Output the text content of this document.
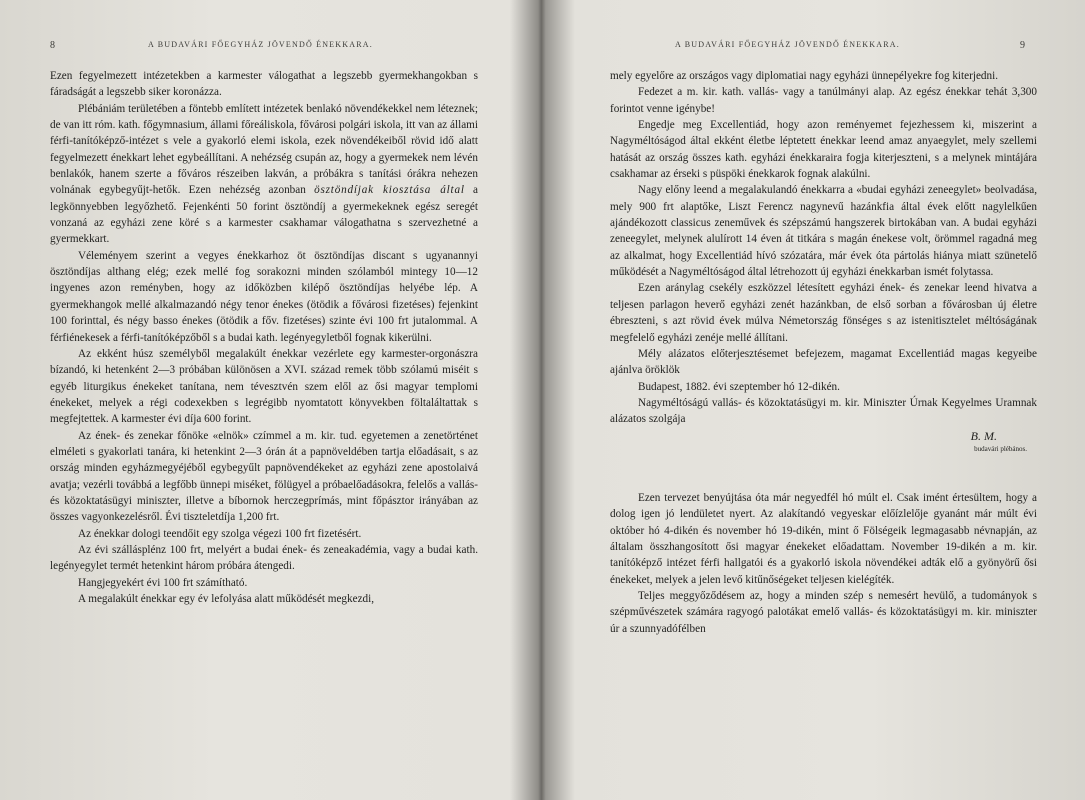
8	A BUDAVÁRI FŐEGYHÁZ JÖVENDŐ ÉNEKKARA.

Ezen fegyelmezett intézetekben a karmester válogathat a legszebb gyermekhangokban s fáradságát a legszebb siker koronázza.

Plébániám területében a föntebb említett intézetek benlakó növendékekkel nem léteznek; de van itt róm. kath. főgymnasium, állami főreáliskola, fővárosi polgári iskola, itt van az állami férfi-tanítóképző-intézet s vele a gyakorló elemi iskola, ezek növendékeiből rövid idő alatt fegyelmezett énekkart lehet egybeállítani. A nehézség csupán az, hogy a gyermekek nem lévén benlakók, hanem szerte a főváros részeiben lakván, a próbákra s tanítási órákra nehezen volnának egybegyűjt-hetők. Ezen nehézség azonban ösztöndíjak kiosztása által a legkönnyebben legyőzhető. Fejenkénti 50 forint ösztöndíj a gyermekeknek egész seregét vonzaná az egyházi zene köré s a karmester csakhamar válogathatna s szervezhetné a gyermekkart.

Véleményem szerint a vegyes énekkarhoz öt ösztöndíjas discant s ugyanannyi ösztöndíjas althang elég; ezek mellé fog sorakozni minden szólamból mintegy 10—12 ingyenes azon reményben, hogy az időközben kilépő ösztöndíjas helyébe lép. A gyermekhangok mellé alkalmazandó négy tenor énekes (ötödik a fővárosi fizetéses) fejenkint 100 forinttal, és négy basso énekes (ötödik a főv. fizetéses) szinte évi 100 frt jutalommal. A férfiénekesek a férfi-tanítóképzőből s a budai kath. legényegyletből fognak kikerülni.

Az ekként húsz személyből megalakúlt énekkar vezérlete egy karmester-orgonászra bízandó, ki hetenként 2—3 próbában különösen a XVI. század remek több szólamú miséit s egyéb liturgikus énekeket tanítana, nem tévesztvén szem elől az ősi magyar templomi énekeket, melyek a régi codexekben s legrégibb nyomtatott könyvekben föltaláltattak s megfejtettek. A karmester évi díja 600 forint.

Az ének- és zenekar főnöke «elnök» czímmel a m. kir. tud. egyetemen a zenetörténet elméleti s gyakorlati tanára, ki hetenkint 2—3 órán át a papnöveldében tartja előadásait, s az ország minden egyházmegyéjéből egybegyűlt papnövendékeket az egyházi zene apostolaivá avatja; vezérli továbbá a legfőbb ünnepi miséket, fölügyel a próbaelőadásokra, felelős a vallás- és közoktatásügyi miniszter, illetve a bíbornok herczegprímás, mint főpásztor irányában az összes vagyonkezelésről. Évi tiszteletdíja 1,200 frt.

Az énekkar dologi teendőit egy szolga végezi 100 frt fizetésért.

Az évi szállásplénz 100 frt, melyért a budai ének- és zeneakadémia, vagy a budai kath. legényegylet termét hetenkint három próbára átengedi.

Hangjegyekért évi 100 frt számítható.

A megalakúlt énekkar egy év lefolyása alatt működését megkezdi,

A BUDAVÁRI FŐEGYHÁZ JÖVENDŐ ÉNEKKARA.	9

mely egyelőre az országos vagy diplomatiai nagy egyházi ünnepélyekre fog kiterjedni.

Fedezet a m. kir. kath. vallás- vagy a tanúlmányi alap. Az egész énekkar tehát 3,300 forintot venne igénybe!

Engedje meg Excellentiád, hogy azon reményemet fejezhessem ki, miszerint a Nagyméltóságod által ekként életbe léptetett énekkar leend amaz anyaegylet, mely szellemi hatását az ország összes kath. egyházi énekkaraira fogja kiterjeszteni, s a melynek mintájára csakhamar az érseki s püspöki énekkarok fognak alakúlni.

Nagy előny leend a megalakulandó énekkarra a «budai egyházi zeneegylet» beolvadása, mely 900 frt alaptőke, Liszt Ferencz nagynevű hazánkfia által évek előtt nagylelkűen ajándékozott classicus zeneművek és szépszámú hangszerek birtokában van. A budai egyházi zeneegylet, melynek alulírott 14 éven át titkára s magán énekese volt, örömmel ragadná meg az alkalmat, hogy Excellentiád hívó szózatára, már évek óta pártolás hiánya miatt szünetelő működését a Nagyméltóságod által létrehozott új egyházi énekkarban ismét folytassa.

Ezen aránylag csekély eszközzel létesített egyházi ének- és zenekar leend hivatva a teljesen parlagon heverő egyházi zenét hazánkban, de első sorban a fővárosban új életre ébreszteni, s azt rövid évek múlva Németország fönséges s az istenitisztelet méltóságának megfelelő egyházi zenéje mellé állítani.

Mély alázatos előterjesztésemet befejezem, magamat Excellentiád magas kegyeibe ajánlva öröklök

Budapest, 1882. évi szeptember hó 12-dikén.

Nagyméltóságú vallás- és közoktatásügyi m. kir. Miniszter Úrnak Kegyelmes Uramnak alázatos szolgája

B. M.

budavári plébános.

Ezen tervezet benyújtása óta már negyedfél hó múlt el. Csak imént értesültem, hogy a dolog igen jó lendületet nyert. Az alakítandó vegyeskar előízlelője gyanánt már múlt évi október hó 4-dikén és november hó 19-dikén, mint ő Fölségeik legmagasabb névnapján, az általam összhangosított ősi magyar énekeket előadattam. November 19-dikén a m. kir. tanítóképző intézet férfi hallgatói és a gyakorló iskola növendékei adták elő a gyönyörű ősi énekeket, melyek a jelen levő kitűnőségeket teljesen kielégíték.

Teljes meggyőződésem az, hogy a minden szép s nemesért hevülő, a tudományok s szépművészetek számára ragyogó palotákat emelő vallás- és közoktatásügyi m. kir. miniszter úr a szunnyadófélben
